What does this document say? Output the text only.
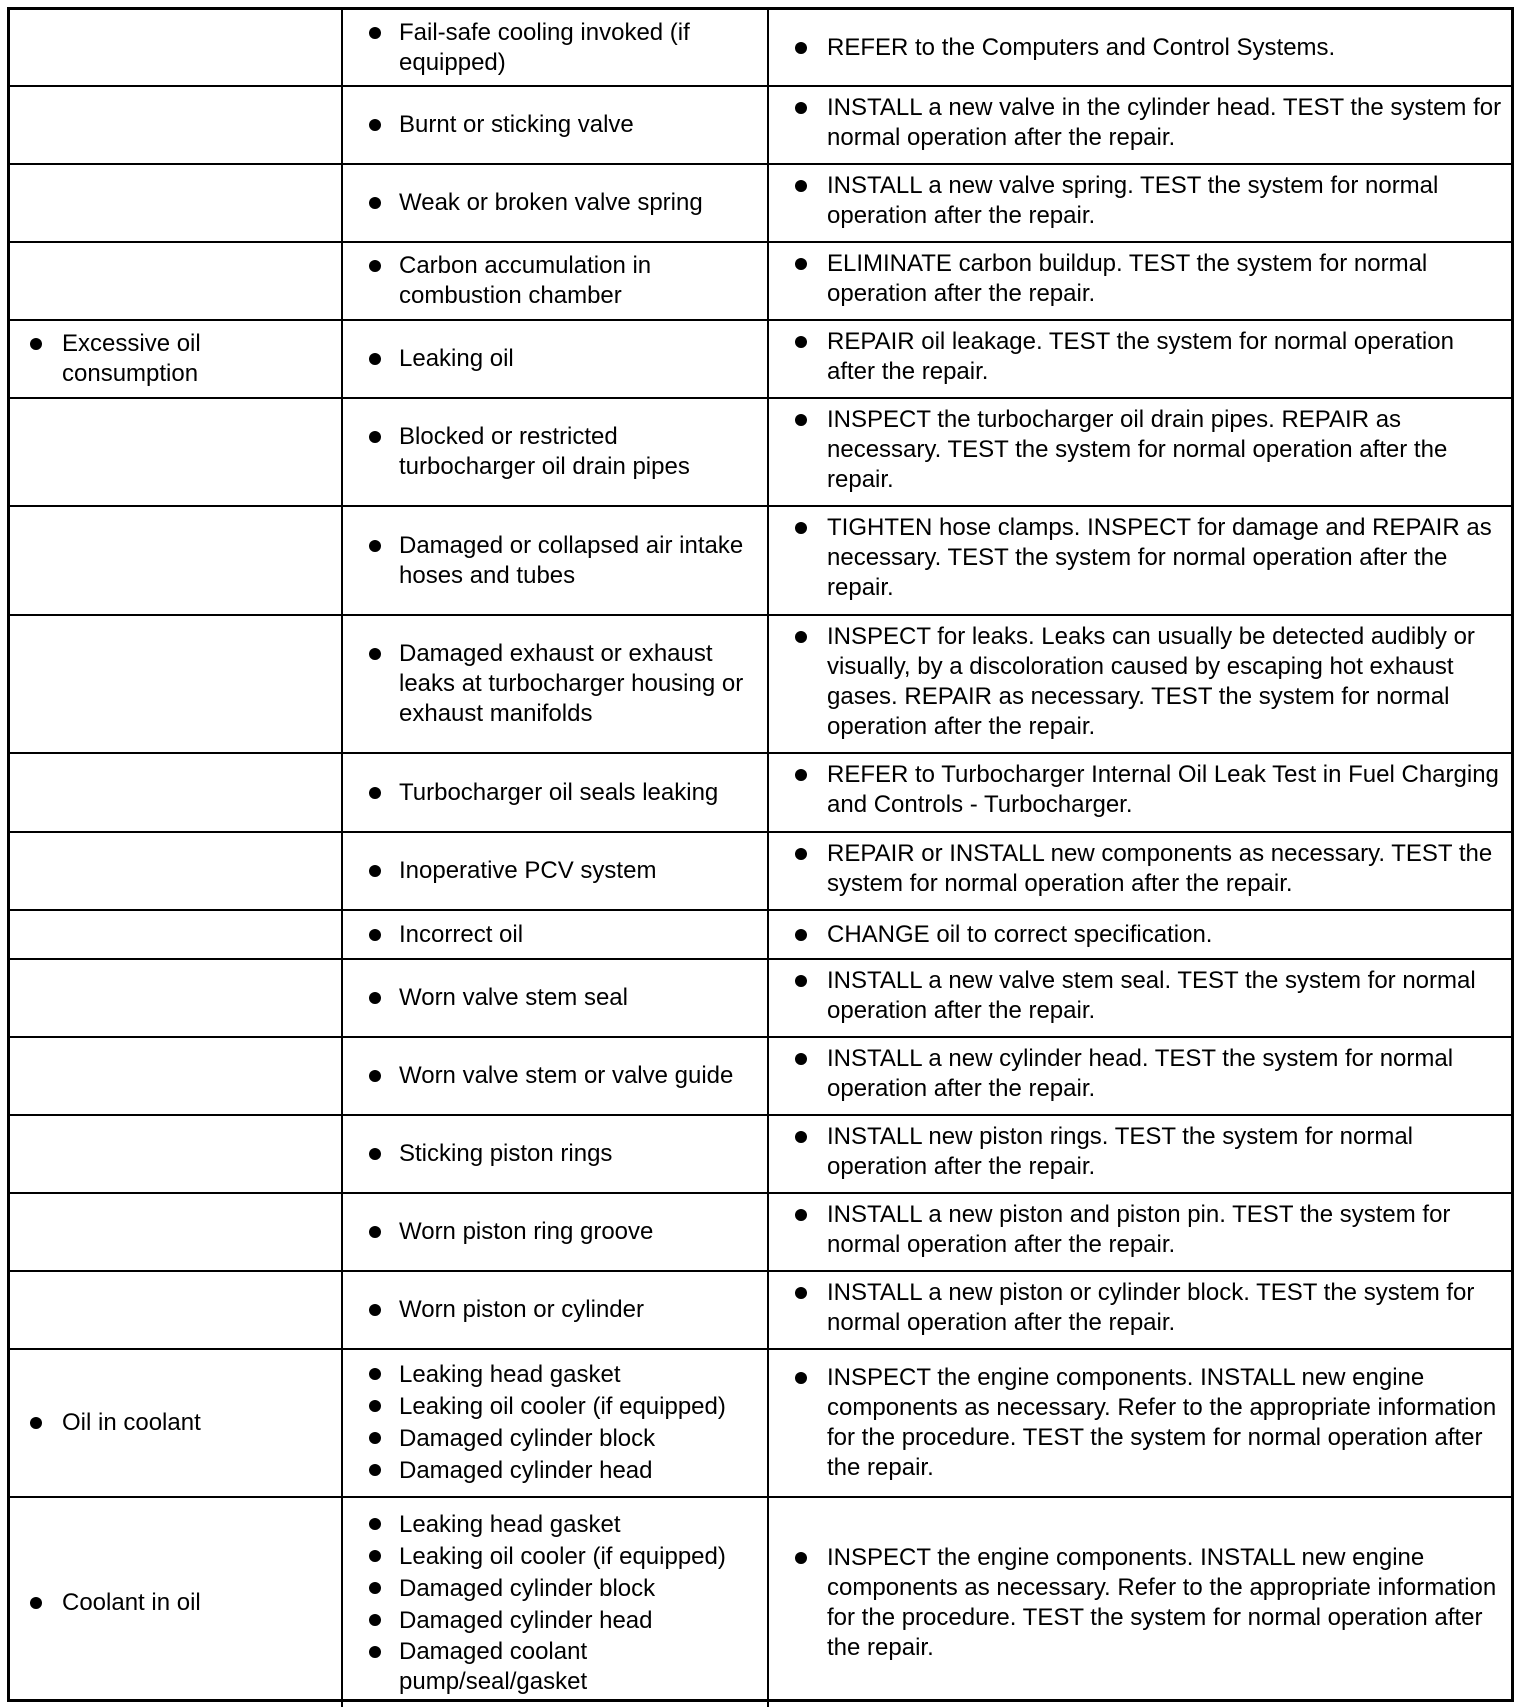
Fail-safe cooling invoked (if equipped)
REFER to the Computers and Control Systems.
Burnt or sticking valve
INSTALL a new valve in the cylinder head. TEST the system for normal operation after the repair.
Weak or broken valve spring
INSTALL a new valve spring. TEST the system for normal operation after the repair.
Carbon accumulation in combustion chamber
ELIMINATE carbon buildup. TEST the system for normal operation after the repair.
Excessive oil consumption
Leaking oil
REPAIR oil leakage. TEST the system for normal operation after the repair.
Blocked or restricted turbocharger oil drain pipes
INSPECT the turbocharger oil drain pipes. REPAIR as necessary. TEST the system for normal operation after the repair.
Damaged or collapsed air intake hoses and tubes
TIGHTEN hose clamps. INSPECT for damage and REPAIR as necessary. TEST the system for normal operation after the repair.
Damaged exhaust or exhaust leaks at turbocharger housing or exhaust manifolds
INSPECT for leaks. Leaks can usually be detected audibly or visually, by a discoloration caused by escaping hot exhaust gases. REPAIR as necessary. TEST the system for normal operation after the repair.
Turbocharger oil seals leaking
REFER to Turbocharger Internal Oil Leak Test in Fuel Charging and Controls - Turbocharger.
Inoperative PCV system
REPAIR or INSTALL new components as necessary. TEST the system for normal operation after the repair.
Incorrect oil	CHANGE oil to correct specification.
Worn valve stem seal
INSTALL a new valve stem seal. TEST the system for normal operation after the repair.
Worn valve stem or valve guide
INSTALL a new cylinder head. TEST the system for normal operation after the repair.
Sticking piston rings
INSTALL new piston rings. TEST the system for normal operation after the repair.
Worn piston ring groove
INSTALL a new piston and piston pin. TEST the system for normal operation after the repair.
Worn piston or cylinder
INSTALL a new piston or cylinder block. TEST the system for normal operation after the repair.
Oil in coolant
Leaking head gasket
Leaking oil cooler (if equipped)
Damaged cylinder block
Damaged cylinder head
INSPECT the engine components. INSTALL new engine components as necessary. Refer to the appropriate information for the procedure. TEST the system for normal operation after the repair.
Coolant in oil
Leaking head gasket
Leaking oil cooler (if equipped)
Damaged cylinder block
Damaged cylinder head
Damaged coolant pump/seal/gasket
INSPECT the engine components. INSTALL new engine components as necessary. Refer to the appropriate information for the procedure. TEST the system for normal operation after the repair.
